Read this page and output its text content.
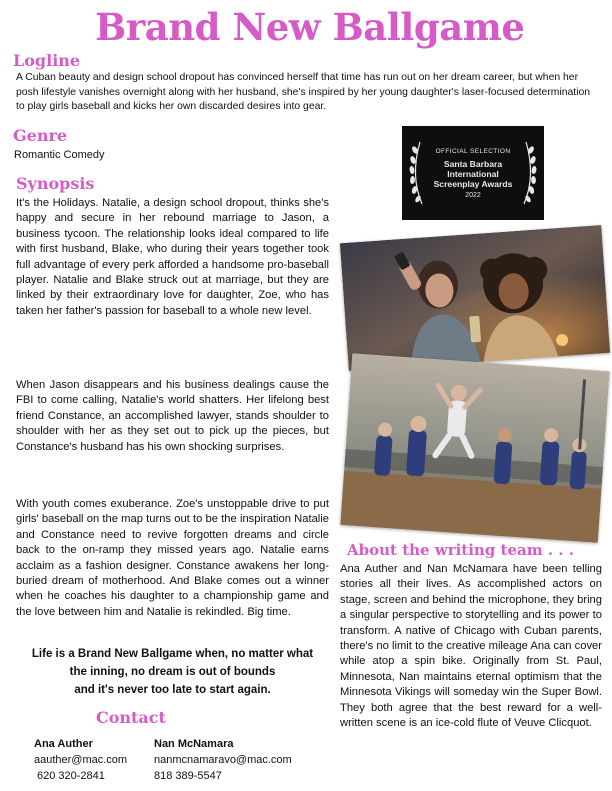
Brand New Ballgame
Logline
A Cuban beauty and design school dropout has convinced herself that time has run out on her dream career, but when her posh lifestyle vanishes overnight along with her husband, she's inspired by her young daughter's laser-focused determination to play girls baseball and kicks her own discarded desires into gear.
Genre
Romantic Comedy	OFFICIAL SELECTION
Santa Barbara International Screenplay Awards
2022
Synopsis
It's the Holidays. Natalie, a design school dropout, thinks she's happy and secure in her rebound marriage to Jason, a business tycoon. The relationship looks ideal compared to life with first husband, Blake, who during their years together took full advantage of every perk afforded a handsome pro-baseball player. Natalie and Blake struck out at marriage, but they are linked by their extraordinary love for daughter, Zoe, who has taken her father's passion for baseball to a whole new level.
When Jason disappears and his business dealings cause the FBI to come calling, Natalie's world shatters. Her lifelong best friend Constance, an accomplished lawyer, stands shoulder to shoulder with her as they set out to pick up the pieces, but Constance's husband has his own shocking surprises.
With youth comes exuberance. Zoe's unstoppable drive to put girls' baseball on the map turns out to be the inspiration Natalie and Constance need to revive forgotten dreams and circle back to the on-ramp they missed years ago. Natalie earns acclaim as a fashion designer. Constance awakens her long-buried dream of motherhood. And Blake comes out a winner when he coaches his daughter to a championship game and the love between him and Natalie is rekindled. Big time.
Life is a Brand New Ballgame when, no matter what
the inning, no dream is out of bounds
and it's never too late to start again.
About the writing team . . .
Ana Auther and Nan McNamara have been telling stories all their lives. As accomplished actors on stage, screen and behind the microphone, they bring a singular perspective to storytelling and its power to transform. A native of Chicago with Cuban parents, there's no limit to the creative mileage Ana can cover while atop a spin bike. Originally from St. Paul, Minnesota, Nan maintains eternal optimism that the Minnesota Vikings will someday win the Super Bowl. They both agree that the best reward for a well-written scene is an ice-cold flute of Veuve Clicquot.
Contact
Ana Auther
aauther@mac.com
620 320-2841
Nan McNamara
nanmcnamaravo@mac.com
818 389-5547
